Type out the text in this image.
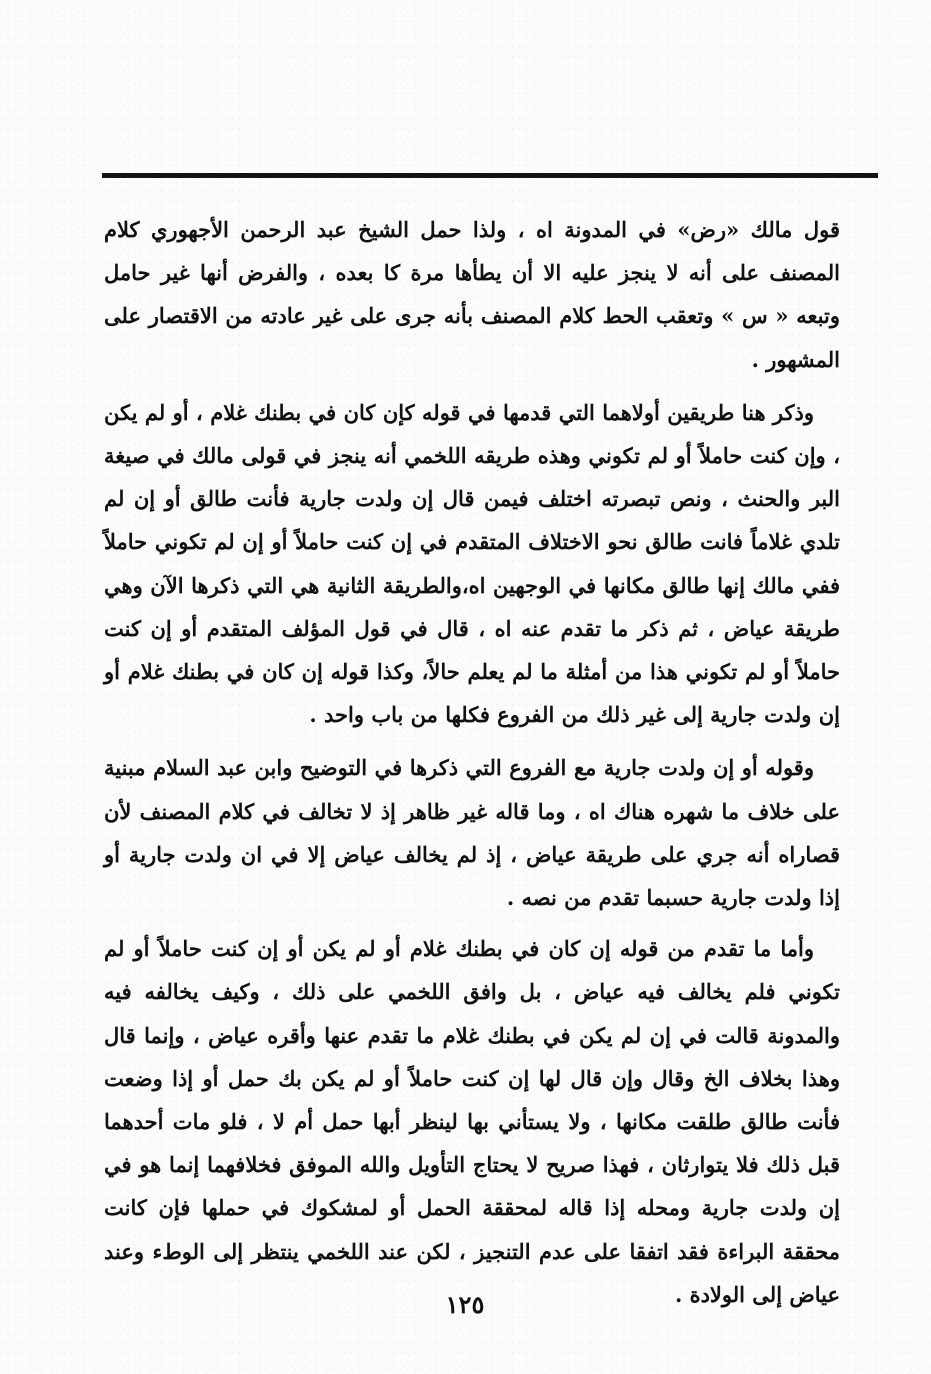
قول مالك «رض» في المدونة اه ، ولذا حمل الشيخ عبد الرحمن الأجهوري كلام المصنف على أنه لا ينجز عليه الا أن يطأها مرة كا بعده ، والفرض أنها غير حامل وتبعه « س » وتعقب الحط كلام المصنف بأنه جرى على غير عادته من الاقتصار على المشهور .

وذكر هنا طريقين أولاهما التي قدمها في قوله كإن كان في بطنك غلام ، أو لم يكن ، وإن كنت حاملاً أو لم تكوني وهذه طريقه اللخمي أنه ينجز في قولى مالك في صيغة البر والحنث ، ونص تبصرته اختلف فيمن قال إن ولدت جارية فأنت طالق أو إن لم تلدي غلاماً فانت طالق نحو الاختلاف المتقدم في إن كنت حاملاً أو إن لم تكوني حاملاً ففي مالك إنها طالق مكانها في الوجهين اه،والطريقة الثانية هي التي ذكرها الآن وهي طريقة عياض ، ثم ذكر ما تقدم عنه اه ، قال في قول المؤلف المتقدم أو إن كنت حاملاً أو لم تكوني هذا من أمثلة ما لم يعلم حالاً، وكذا قوله إن كان في بطنك غلام أو إن ولدت جارية إلى غير ذلك من الفروع فكلها من باب واحد .

وقوله أو إن ولدت جارية مع الفروع التي ذكرها في التوضيح وابن عبد السلام مبنية على خلاف ما شهره هناك اه ، وما قاله غير ظاهر إذ لا تخالف في كلام المصنف لأن قصاراه أنه جري على طريقة عياض ، إذ لم يخالف عياض إلا في ان ولدت جارية أو إذا ولدت جارية حسبما تقدم من نصه .

وأما ما تقدم من قوله إن كان في بطنك غلام أو لم يكن أو إن كنت حاملاً أو لم تكوني فلم يخالف فيه عياض ، بل وافق اللخمي على ذلك ، وكيف يخالفه فيه والمدونة قالت في إن لم يكن في بطنك غلام ما تقدم عنها وأقره عياض ، وإنما قال وهذا بخلاف الخ وقال وإن قال لها إن كنت حاملاً أو لم يكن بك حمل أو إذا وضعت فأنت طالق طلقت مكانها ، ولا يستأني بها لينظر أبها حمل أم لا ، فلو مات أحدهما قبل ذلك فلا يتوارثان ، فهذا صريح لا يحتاج التأويل والله الموفق فخلافهما إنما هو في إن ولدت جارية ومحله إذا قاله لمحققة الحمل أو لمشكوك في حملها فإن كانت محققة البراءة فقد اتفقا على عدم التنجيز ، لكن عند اللخمي ينتظر إلى الوطء وعند عياض إلى الولادة .

١٢٥
